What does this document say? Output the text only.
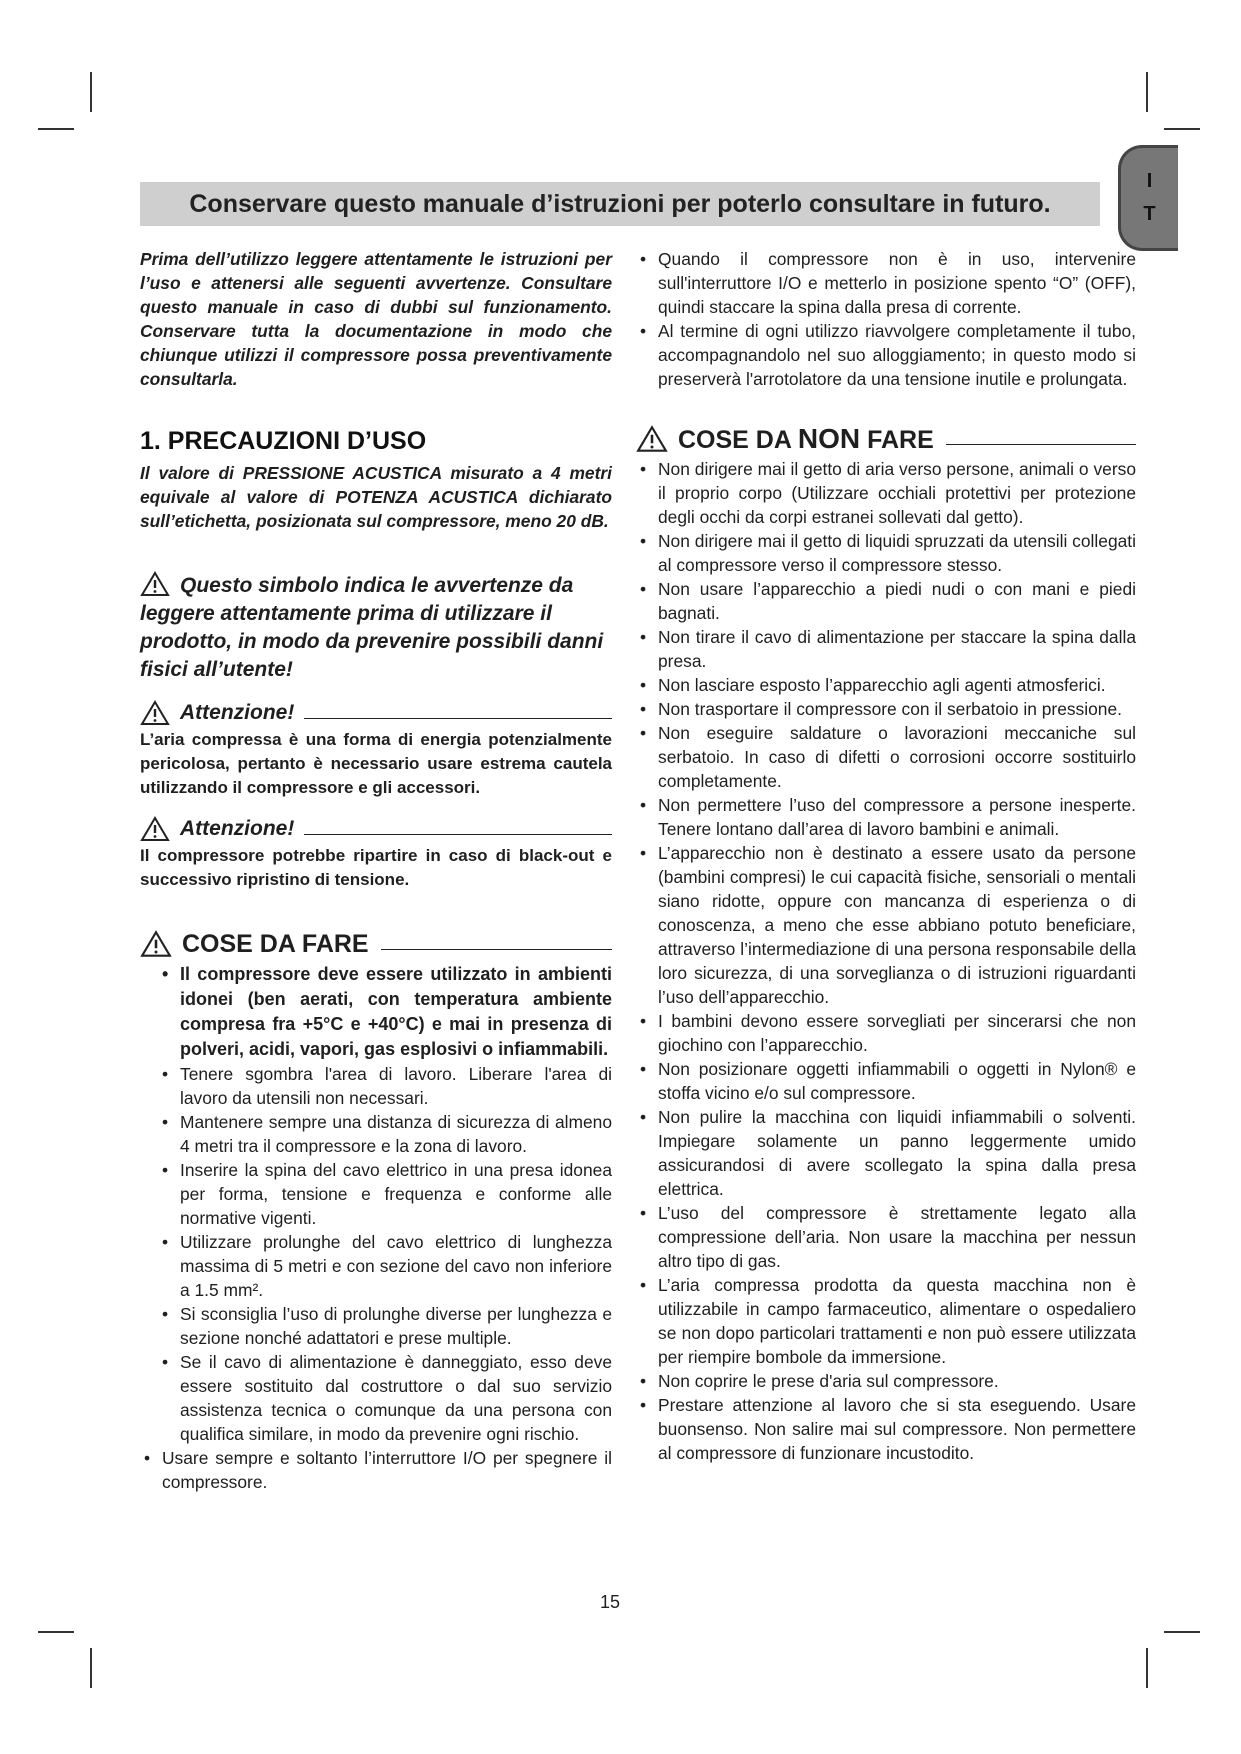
I
T
Conservare questo manuale d’istruzioni per poterlo consultare in futuro.

Prima dell’utilizzo leggere attentamente le istruzioni per l’uso e attenersi alle seguenti avvertenze. Consultare questo manuale in caso di dubbi sul funzionamento. Conservare tutta la documentazione in modo che chiunque utilizzi il compressore possa preventivamente consultarla.

1. PRECAUZIONI D’USO

Il valore di PRESSIONE ACUSTICA misurato a 4 metri equivale al valore di POTENZA ACUSTICA dichiarato sull’etichetta, posizionata sul compressore, meno 20 dB.

Questo simbolo indica le avvertenze da leggere attentamente prima di utilizzare il prodotto, in modo da prevenire possibili danni fisici all’utente!

Attenzione!

L’aria compressa è una forma di energia potenzialmente pericolosa, pertanto è necessario usare estrema cautela utilizzando il compressore e gli accessori.

Attenzione!

Il compressore potrebbe ripartire in caso di black-out e successivo ripristino di tensione.

COSE DA FARE
• Il compressore deve essere utilizzato in ambienti idonei (ben aerati, con temperatura ambiente compresa fra +5°C e +40°C) e mai in presenza di polveri, acidi, vapori, gas esplosivi o infiammabili.
• Tenere sgombra l'area di lavoro. Liberare l'area di lavoro da utensili non necessari.
• Mantenere sempre una distanza di sicurezza di almeno 4 metri tra il compressore e la zona di lavoro.
• Inserire la spina del cavo elettrico in una presa idonea per forma, tensione e frequenza e conforme alle normative vigenti.
• Utilizzare prolunghe del cavo elettrico di lunghezza massima di 5 metri e con sezione del cavo non inferiore a 1.5 mm².
• Si sconsiglia l’uso di prolunghe diverse per lunghezza e sezione nonché adattatori e prese multiple.
• Se il cavo di alimentazione è danneggiato, esso deve essere sostituito dal costruttore o dal suo servizio assistenza tecnica o comunque da una persona con qualifica similare, in modo da prevenire ogni rischio.
• Usare sempre e soltanto l’interruttore I/O per spegnere il compressore.
• Quando il compressore non è in uso, intervenire sull'interruttore I/O e metterlo in posizione spento “O” (OFF), quindi staccare la spina dalla presa di corrente.
• Al termine di ogni utilizzo riavvolgere completamente il tubo, accompagnandolo nel suo alloggiamento; in questo modo si preserverà l'arrotolatore da una tensione inutile e prolungata.
COSE DA NON FARE
• Non dirigere mai il getto di aria verso persone, animali o verso il proprio corpo (Utilizzare occhiali protettivi per protezione degli occhi da corpi estranei sollevati dal getto).
• Non dirigere mai il getto di liquidi spruzzati da utensili collegati al compressore verso il compressore stesso.
• Non usare l’apparecchio a piedi nudi o con mani e piedi bagnati.
• Non tirare il cavo di alimentazione per staccare la spina dalla presa.
• Non lasciare esposto l’apparecchio agli agenti atmosferici.
• Non trasportare il compressore con il serbatoio in pressione.
• Non eseguire saldature o lavorazioni meccaniche sul serbatoio. In caso di difetti o corrosioni occorre sostituirlo completamente.
• Non permettere l’uso del compressore a persone inesperte. Tenere lontano dall’area di lavoro bambini e animali.
• L’apparecchio non è destinato a essere usato da persone (bambini compresi) le cui capacità fisiche, sensoriali o mentali siano ridotte, oppure con mancanza di esperienza o di conoscenza, a meno che esse abbiano potuto beneficiare, attraverso l’intermediazione di una persona responsabile della loro sicurezza, di una sorveglianza o di istruzioni riguardanti l’uso dell’apparecchio.
• I bambini devono essere sorvegliati per sincerarsi che non giochino con l’apparecchio.
• Non posizionare oggetti infiammabili o oggetti in Nylon® e stoffa vicino e/o sul compressore.
• Non pulire la macchina con liquidi infiammabili o solventi. Impiegare solamente un panno leggermente umido assicurandosi di avere scollegato la spina dalla presa elettrica.
• L’uso del compressore è strettamente legato alla compressione dell’aria. Non usare la macchina per nessun altro tipo di gas.
• L’aria compressa prodotta da questa macchina non è utilizzabile in campo farmaceutico, alimentare o ospedaliero se non dopo particolari trattamenti e non può essere utilizzata per riempire bombole da immersione.
• Non coprire le prese d'aria sul compressore.
• Prestare attenzione al lavoro che si sta eseguendo. Usare buonsenso. Non salire mai sul compressore. Non permettere al compressore di funzionare incustodito.
15
